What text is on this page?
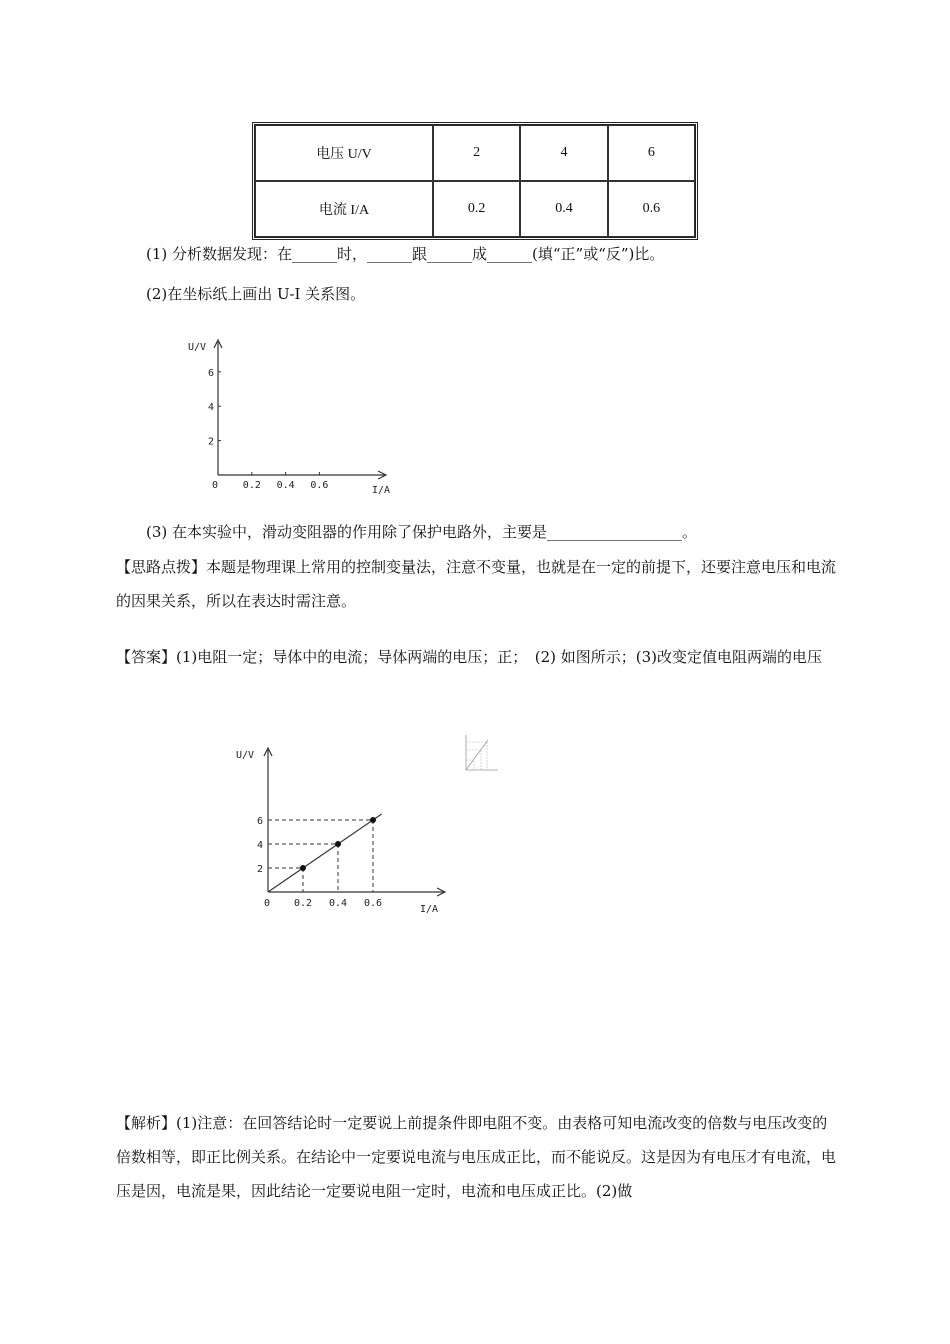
电压 U/V	2	4	6
电流 I/A	0.2	0.4	0.6
(1) 分析数据发现：在______时，______跟______成______(填“正”或“反”)比。
(2)在坐标纸上画出 U-I 关系图。
U/V
I/A
0 0.2 0.4 0.6
2
4
6
(3) 在本实验中，滑动变阻器的作用除了保护电路外，主要是__________________。
【思路点拨】本题是物理课上常用的控制变量法，注意不变量，也就是在一定的前提下，还要注意电压和电流的因果关系，所以在表达时需注意。
【答案】(1)电阻一定；导体中的电流；导体两端的电压；正；　(2) 如图所示；(3)改变定值电阻两端的电压
U/V
I/A
0 0.2 0.4 0.6
2
4
6
【解析】(1)注意：在回答结论时一定要说上前提条件即电阻不变。由表格可知电流改变的倍数与电压改变的倍数相等，即正比例关系。在结论中一定要说电流与电压成正比，而不能说反。这是因为有电压才有电流，电压是因，电流是果，因此结论一定要说电阻一定时，电流和电压成正比。(2)做
